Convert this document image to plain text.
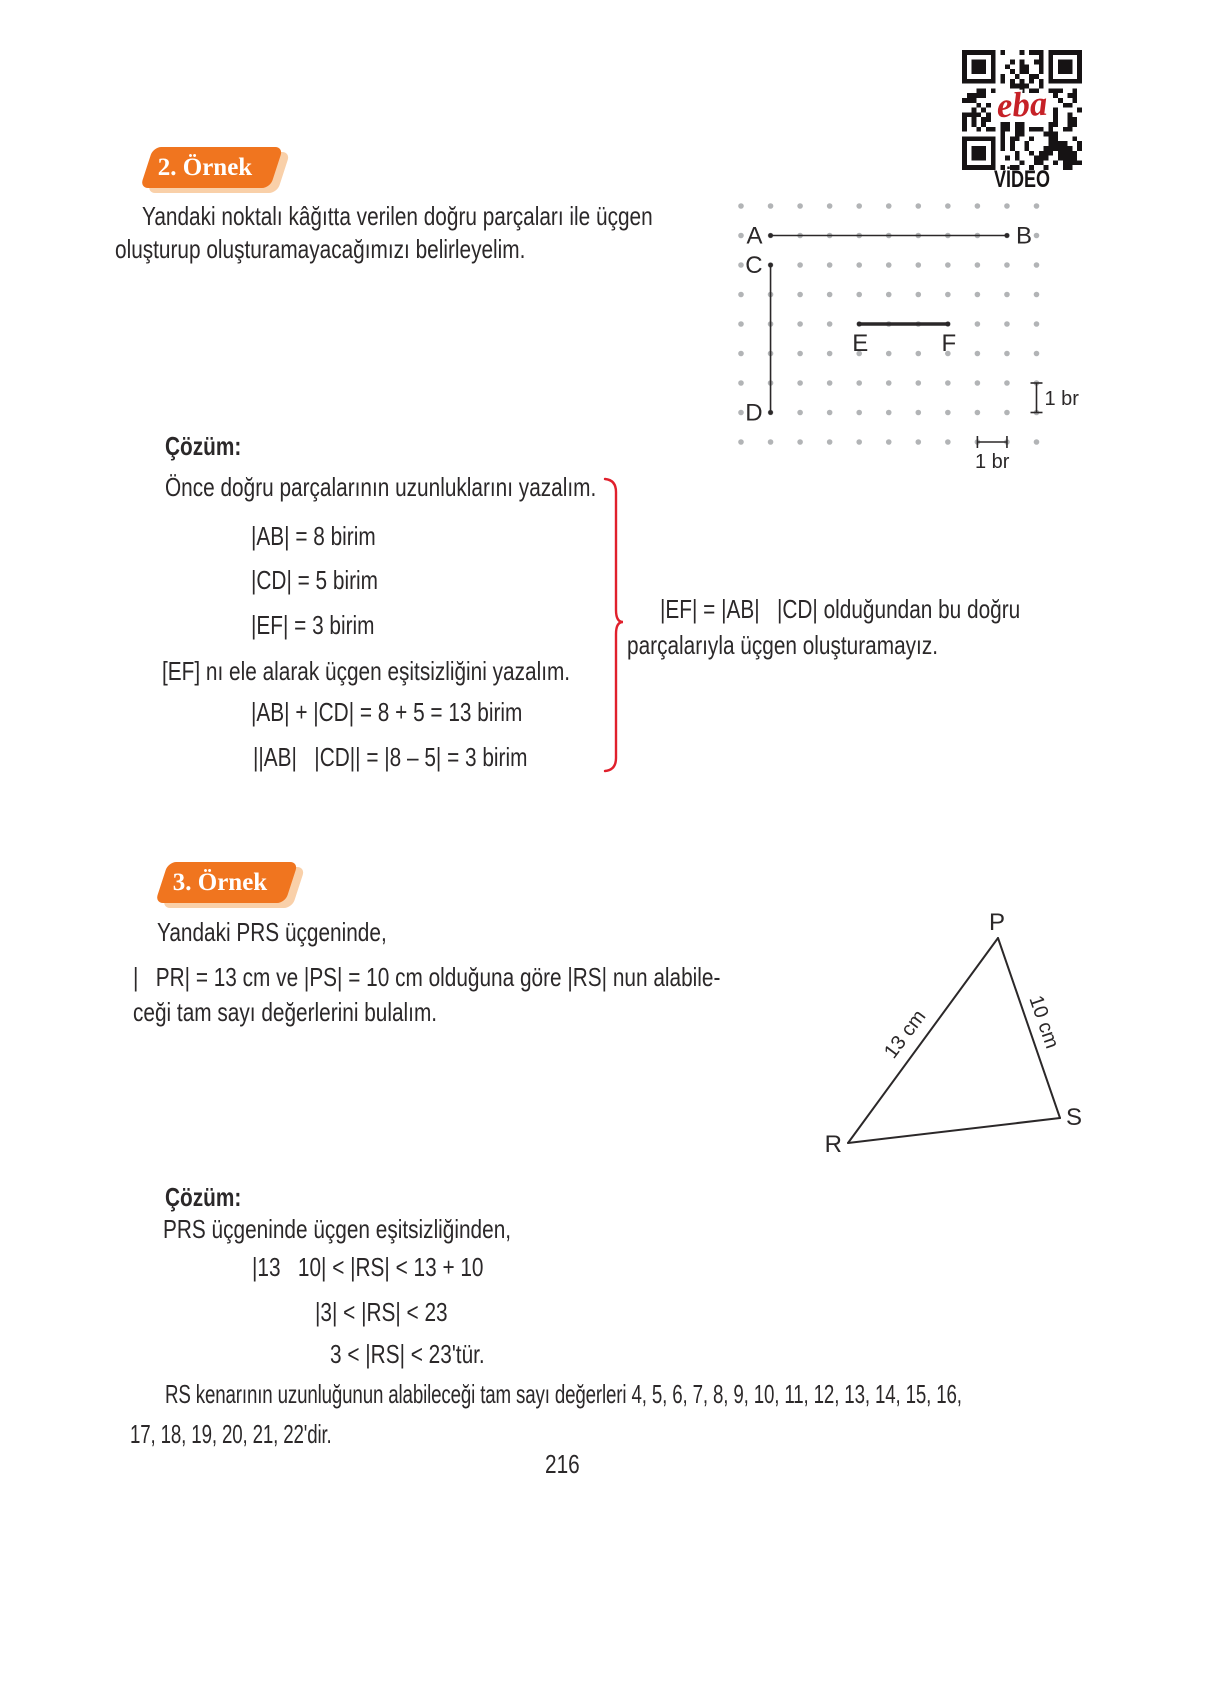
eba
VİDEO
2. Örnek
Yandaki noktalı kâğıtta verilen doğru parçaları ile üçgen
oluşturup oluşturamayacağımızı belirleyelim.	A	B
C
D
E	F
1 br
1 br
Çözüm:
Önce doğru parçalarının uzunluklarını yazalım.
|AB| = 8 birim
|CD| = 5 birim
|EF| = 3 birim
[EF] nı ele alarak üçgen eşitsizliğini yazalım.
|AB| + |CD| = 8 + 5 = 13 birim
||AB|   |CD|| = |8 – 5| = 3 birim
|EF| = |AB|   |CD| olduğundan bu doğru
parçalarıyla üçgen oluşturamayız.
3. Örnek
Yandaki PRS üçgeninde,
|   PR| = 13 cm ve |PS| = 10 cm olduğuna göre |RS| nun alabile-
ceği tam sayı değerlerini bulalım.
P
R
S
13 cm	10 cm
Çözüm:
PRS üçgeninde üçgen eşitsizliğinden,
|13   10| < |RS| < 13 + 10
|3| < |RS| < 23
3 < |RS| < 23'tür.
RS kenarının uzunluğunun alabileceği tam sayı değerleri 4, 5, 6, 7, 8, 9, 10, 11, 12, 13, 14, 15, 16,
17, 18, 19, 20, 21, 22'dir.
216
